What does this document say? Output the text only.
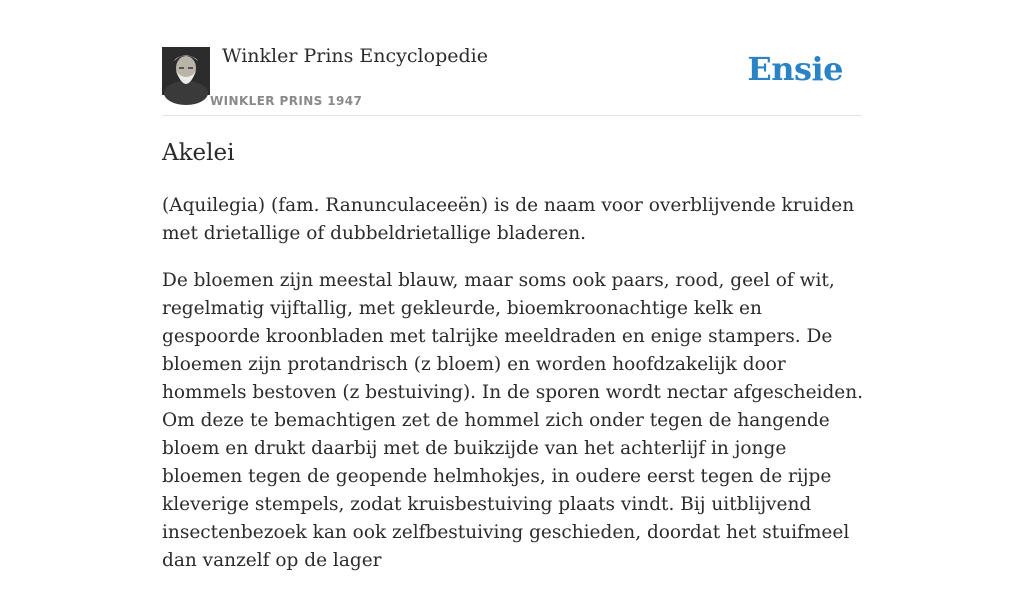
Winkler Prins Encyclopedie
WINKLER PRINS 1947
Ensie
Akelei

(Aquilegia) (fam. Ranunculaceeën) is de naam voor overblijvende kruiden met drietallige of dubbeldrietallige bladeren.

De bloemen zijn meestal blauw, maar soms ook paars, rood, geel of wit, regelmatig vijftallig, met gekleurde, bioemkroonachtige kelk en gespoorde kroonbladen met talrijke meeldraden en enige stampers. De bloemen zijn protandrisch (z bloem) en worden hoofdzakelijk door hommels bestoven (z bestuiving). In de sporen wordt nectar afgescheiden. Om deze te bemachtigen zet de hommel zich onder tegen de hangende bloem en drukt daarbij met de buikzijde van het achterlijf in jonge bloemen tegen de geopende helmhokjes, in oudere eerst tegen de rijpe kleverige stempels, zodat kruisbestuiving plaats vindt. Bij uitblijvend insectenbezoek kan ook zelfbestuiving geschieden, doordat het stuifmeel dan vanzelf op de lager
